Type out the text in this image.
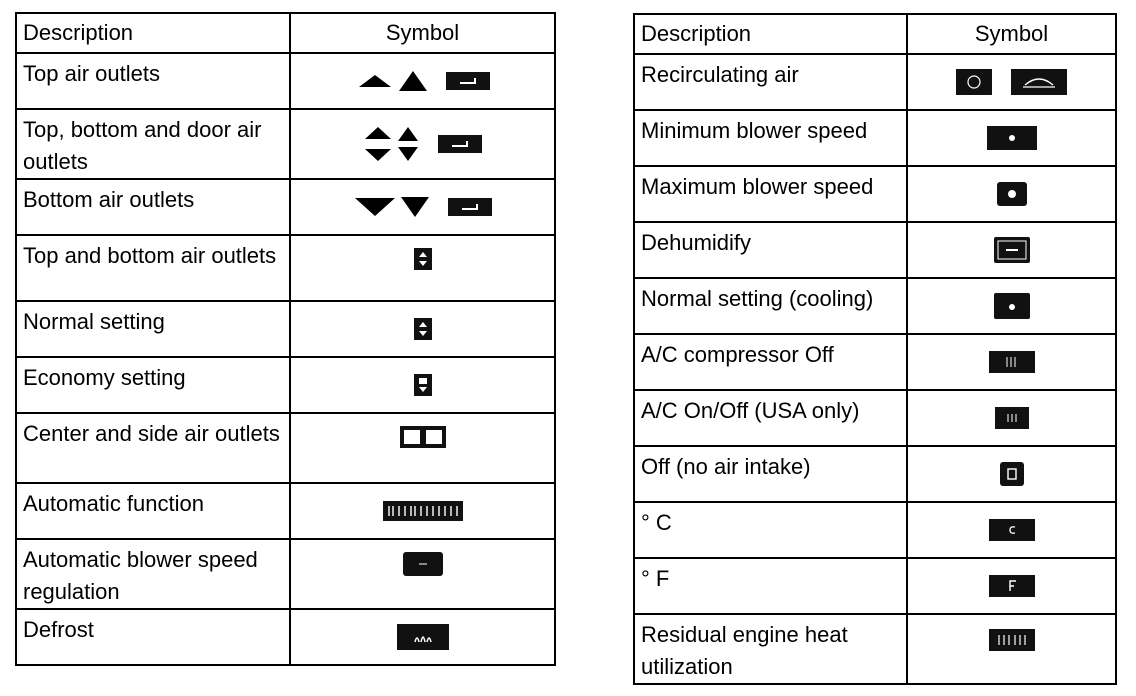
Description	Symbol
Top air outlets	
Top, bottom and door air outlets	
Bottom air outlets	
Top and bottom air outlets	
Normal setting	
Economy setting	
Center and side air outlets	
Automatic function	
Automatic blower speed regulation	
Defrost	
Description	Symbol
Recirculating air	
Minimum blower speed	
Maximum blower speed	
Dehumidify	
Normal setting (cooling)	
A/C compressor Off	
A/C On/Off (USA only)	
Off (no air intake)	
° C	
° F	
Residual engine heat utilization	
